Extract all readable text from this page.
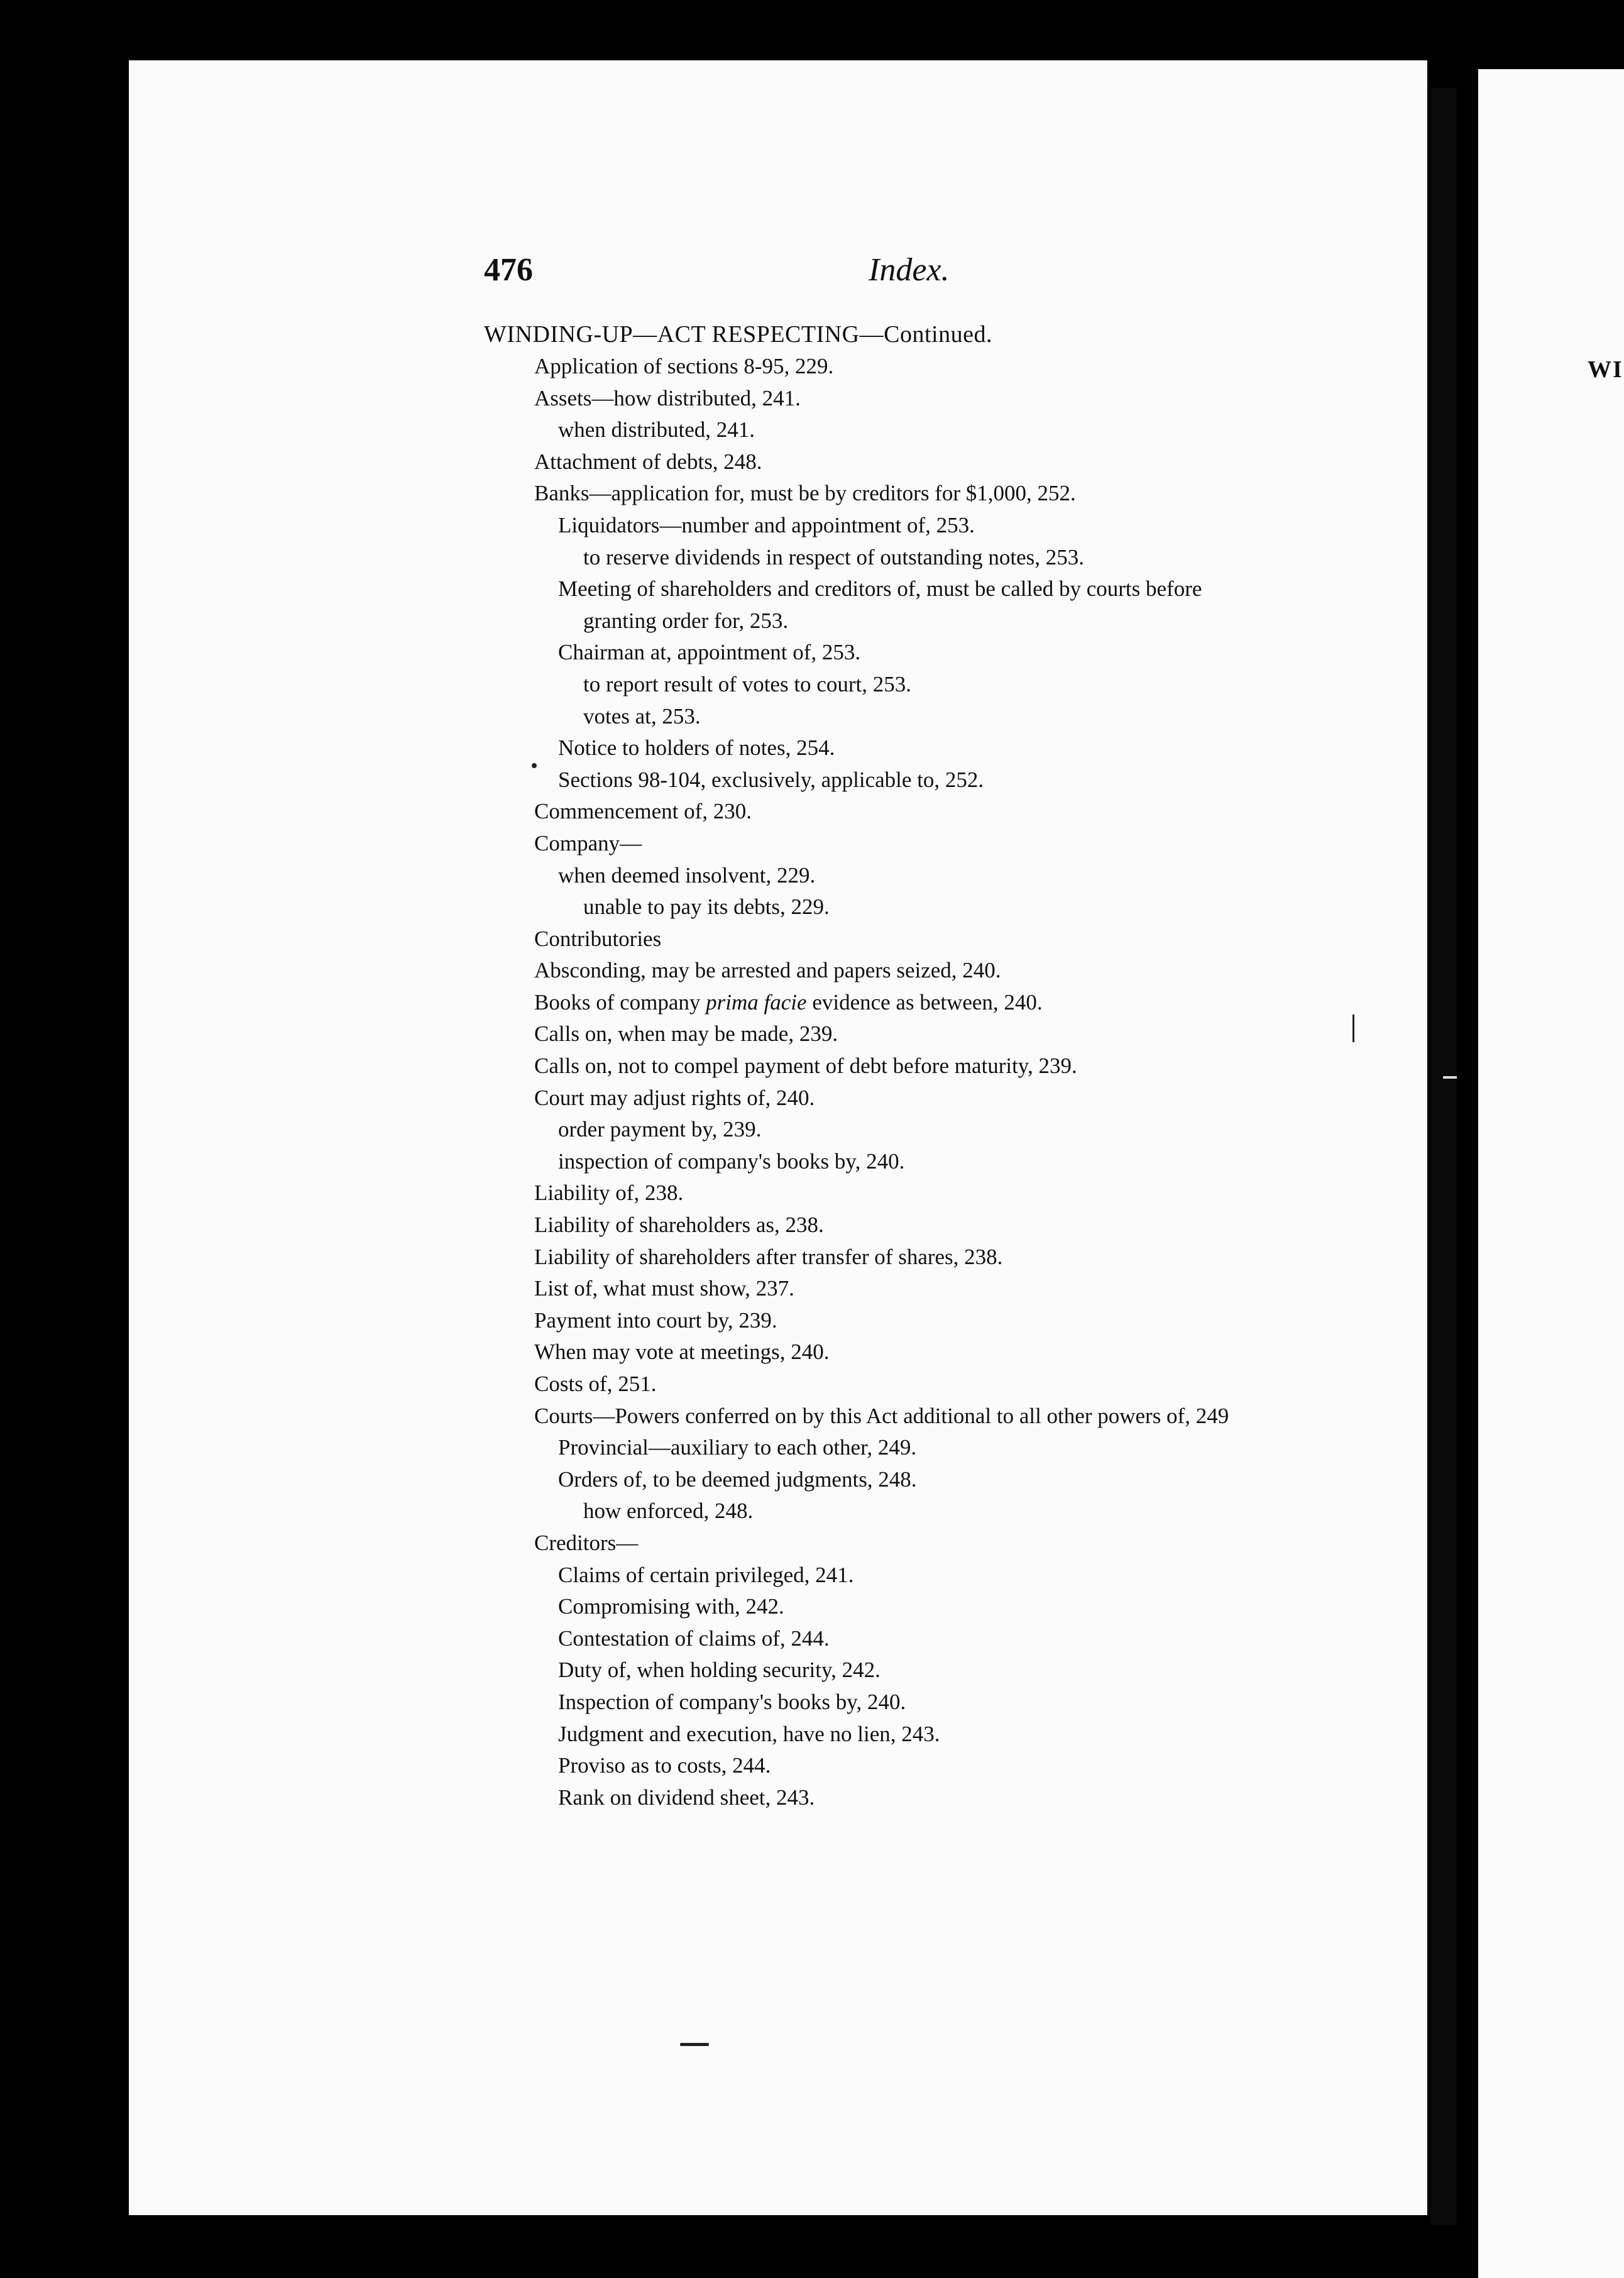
WI
476	Index.
WINDING-UP—ACT RESPECTING—Continued.
Application of sections 8-95, 229.
Assets—how distributed, 241.
when distributed, 241.
Attachment of debts, 248.
Banks—application for, must be by creditors for $1,000, 252.
Liquidators—number and appointment of, 253.
to reserve dividends in respect of outstanding notes, 253.
Meeting of shareholders and creditors of, must be called by courts before
granting order for, 253.
Chairman at, appointment of, 253.
to report result of votes to court, 253.
votes at, 253.
Notice to holders of notes, 254.
Sections 98-104, exclusively, applicable to, 252.
Commencement of, 230.
Company—
when deemed insolvent, 229.
unable to pay its debts, 229.
Contributories
Absconding, may be arrested and papers seized, 240.
Books of company prima facie evidence as between, 240.
Calls on, when may be made, 239.
Calls on, not to compel payment of debt before maturity, 239.
Court may adjust rights of, 240.
order payment by, 239.
inspection of company's books by, 240.
Liability of, 238.
Liability of shareholders as, 238.
Liability of shareholders after transfer of shares, 238.
List of, what must show, 237.
Payment into court by, 239.
When may vote at meetings, 240.
Costs of, 251.
Courts—Powers conferred on by this Act additional to all other powers of, 249
Provincial—auxiliary to each other, 249.
Orders of, to be deemed judgments, 248.
how enforced, 248.
Creditors—
Claims of certain privileged, 241.
Compromising with, 242.
Contestation of claims of, 244.
Duty of, when holding security, 242.
Inspection of company's books by, 240.
Judgment and execution, have no lien, 243.
Proviso as to costs, 244.
Rank on dividend sheet, 243.
